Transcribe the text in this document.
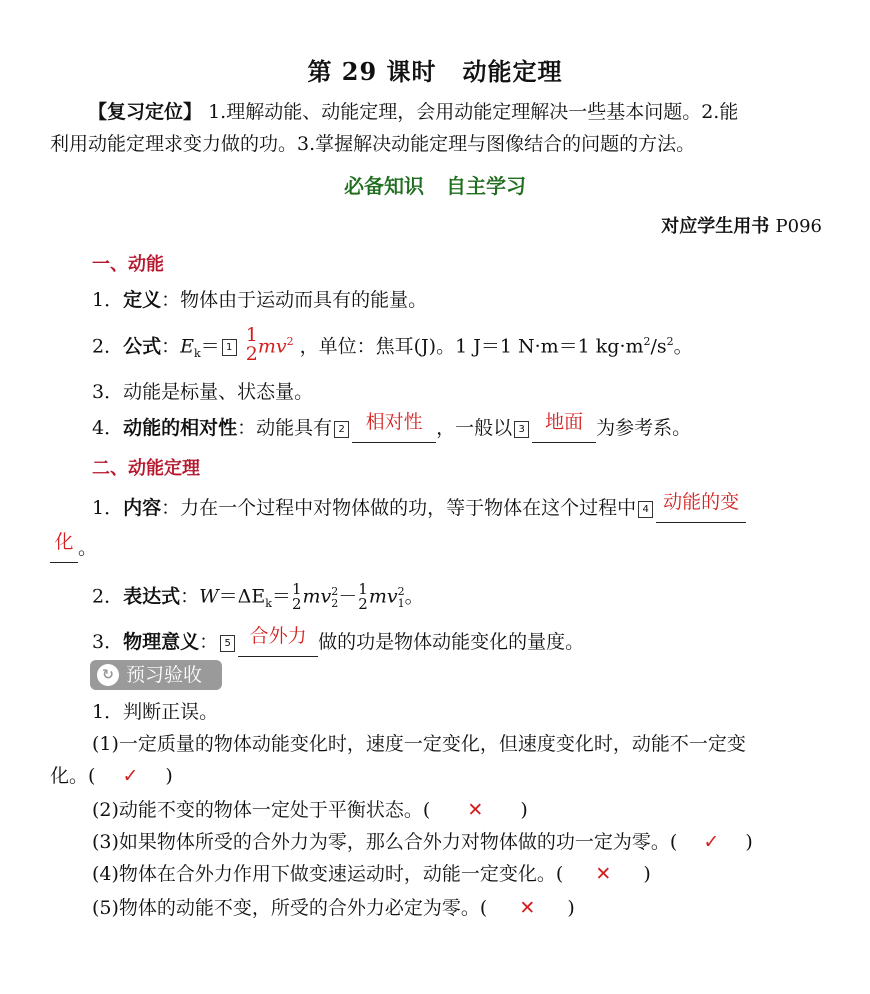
第 29 课时 动能定理
【复习定位】 1.理解动能、动能定理，会用动能定理解决一些基本问题。2.能
利用动能定理求变力做的功。3.掌握解决动能定理与图像结合的问题的方法。
必备知识 自主学习
对应学生用书 P096
一、动能
1．定义：物体由于运动而具有的能量。
2．公式：$E_k= 1$
1
2 $mv^2$ ，单位：焦耳(J)。1 J＝1 N·m＝1 $kg\cdot m^2/s^2$。
3．动能是标量、状态量。
4．动能的相对性：动能具有 2 相对性 ，一般以 3 地面 为参考系。
二、动能定理
1．内容：力在一个过程中对物体做的功，等于物体在这个过程中 4 动能的变
化 。
2．表达式：$W=\Delta E_k= 1$
2 $mv^2_2- 1$
2 $mv^2_1$。
3．物理意义： 5 合外力 做的功是物体动能变化的量度。
↻ 预习验收
1．判断正误。
(1)一定质量的物体动能变化时，速度一定变化，但速度变化时，动能不一定变
化。( ✓ )
(2)动能不变的物体一定处于平衡状态。( ✕ )
(3)如果物体所受的合外力为零，那么合外力对物体做的功一定为零。( ✓ )
(4)物体在合外力作用下做变速运动时，动能一定变化。( ✕ )
(5)物体的动能不变，所受的合外力必定为零。( ✕ )
